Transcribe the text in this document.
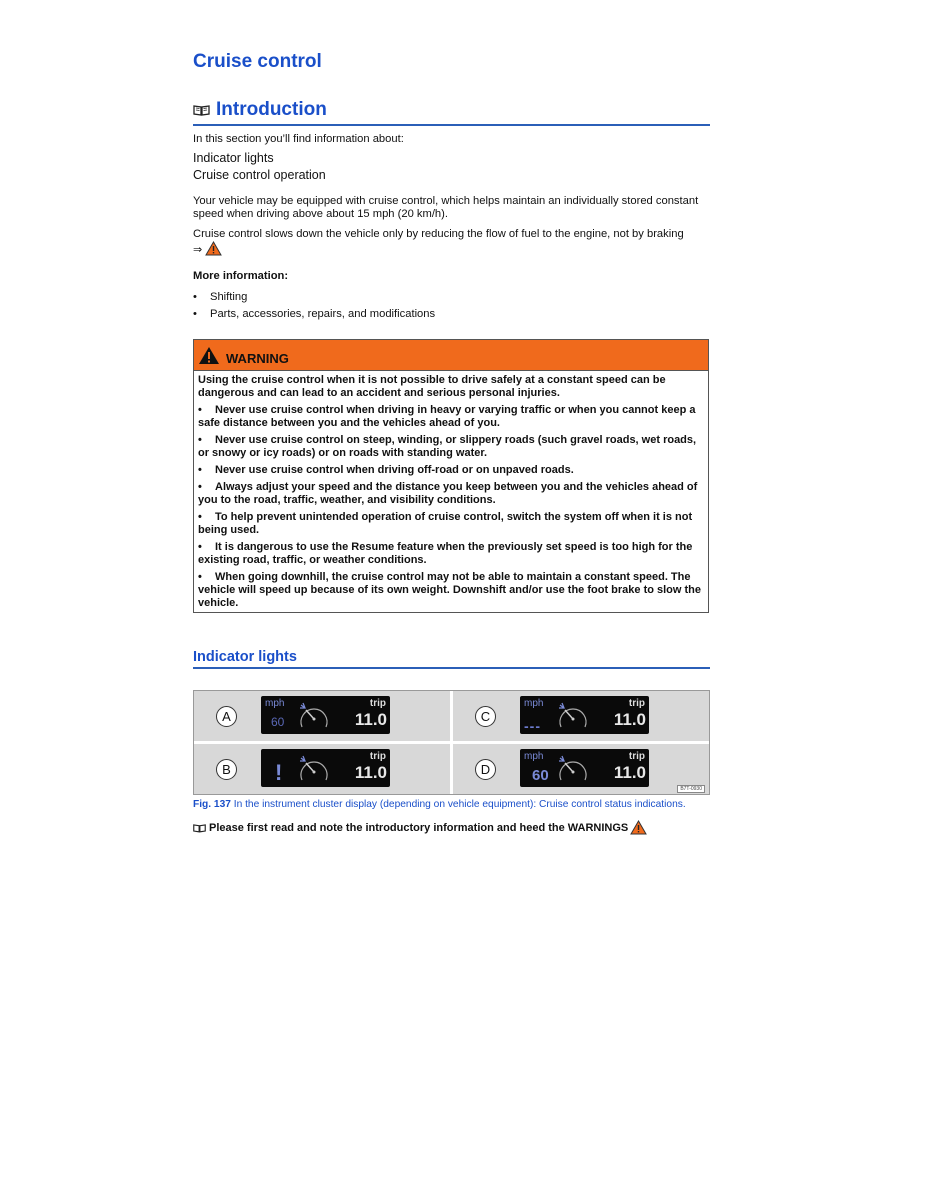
Cruise control
Introduction
In this section you’ll find information about:
Indicator lights
Cruise control operation
Your vehicle may be equipped with cruise control, which helps maintain an individually stored constant speed when driving above about 15 mph (20 km/h).
Cruise control slows down the vehicle only by reducing the flow of fuel to the engine, not by braking
⇒
More information:
• Shifting
• Parts, accessories, repairs, and modifications
WARNING
Using the cruise control when it is not possible to drive safely at a constant speed can be dangerous and can lead to an accident and serious personal injuries.
• Never use cruise control when driving in heavy or varying traffic or when you cannot keep a safe distance between you and the vehicles ahead of you.
• Never use cruise control on steep, winding, or slippery roads (such gravel roads, wet roads, or snowy or icy roads) or on roads with standing water.
• Never use cruise control when driving off-road or on unpaved roads.
• Always adjust your speed and the distance you keep between you and the vehicles ahead of you to the road, traffic, weather, and visibility conditions.
• To help prevent unintended operation of cruise control, switch the system off when it is not being used.
• It is dangerous to use the Resume feature when the previously set speed is too high for the existing road, traffic, or weather conditions.
• When going downhill, the cruise control may not be able to maintain a constant speed. The vehicle will speed up because of its own weight. Downshift and/or use the foot brake to slow the vehicle.
Indicator lights
A
mph
60
trip
11.0	C
mph
---
trip
11.0
B !
trip
11.0	D
mph
60
trip
11.0
B7T-0930
Fig. 137 In the instrument cluster display (depending on vehicle equipment): Cruise control status indications.
Please first read and note the introductory information and heed the WARNINGS
